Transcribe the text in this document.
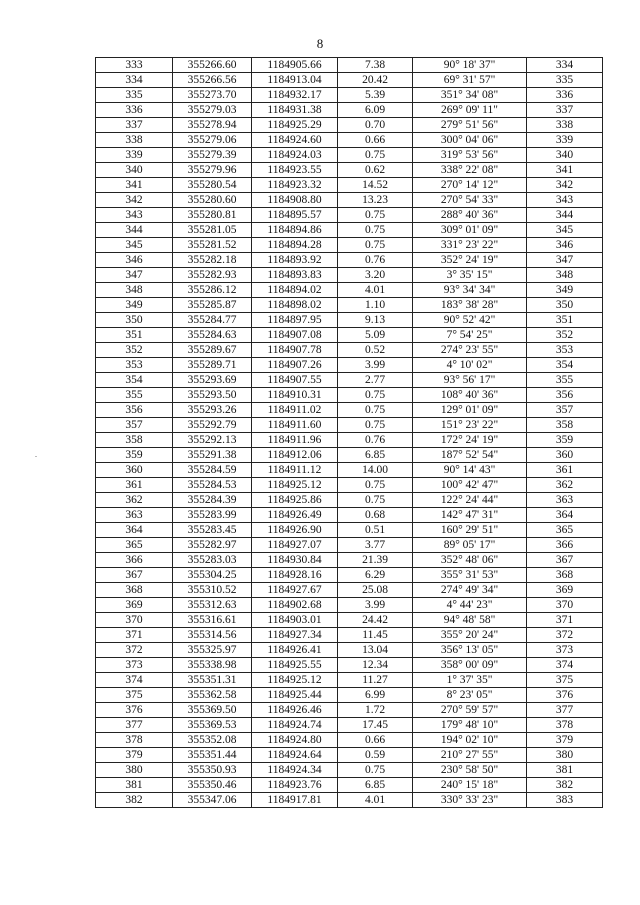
8
333	355266.60	1184905.66	7.38	90° 18' 37"	334
334	355266.56	1184913.04	20.42	69° 31' 57"	335
335	355273.70	1184932.17	5.39	351° 34' 08"	336
336	355279.03	1184931.38	6.09	269° 09' 11"	337
337	355278.94	1184925.29	0.70	279° 51' 56"	338
338	355279.06	1184924.60	0.66	300° 04' 06"	339
339	355279.39	1184924.03	0.75	319° 53' 56"	340
340	355279.96	1184923.55	0.62	338° 22' 08"	341
341	355280.54	1184923.32	14.52	270° 14' 12"	342
342	355280.60	1184908.80	13.23	270° 54' 33"	343
343	355280.81	1184895.57	0.75	288° 40' 36"	344
344	355281.05	1184894.86	0.75	309° 01' 09"	345
345	355281.52	1184894.28	0.75	331° 23' 22"	346
346	355282.18	1184893.92	0.76	352° 24' 19"	347
347	355282.93	1184893.83	3.20	3° 35' 15"	348
348	355286.12	1184894.02	4.01	93° 34' 34"	349
349	355285.87	1184898.02	1.10	183° 38' 28"	350
350	355284.77	1184897.95	9.13	90° 52' 42"	351
351	355284.63	1184907.08	5.09	7° 54' 25"	352
352	355289.67	1184907.78	0.52	274° 23' 55"	353
353	355289.71	1184907.26	3.99	4° 10' 02"	354
354	355293.69	1184907.55	2.77	93° 56' 17"	355
355	355293.50	1184910.31	0.75	108° 40' 36"	356
356	355293.26	1184911.02	0.75	129° 01' 09"	357
357	355292.79	1184911.60	0.75	151° 23' 22"	358
358	355292.13	1184911.96	0.76	172° 24' 19"	359
359	355291.38	1184912.06	6.85	187° 52' 54"	360
360	355284.59	1184911.12	14.00	90° 14' 43"	361
361	355284.53	1184925.12	0.75	100° 42' 47"	362
362	355284.39	1184925.86	0.75	122° 24' 44"	363
363	355283.99	1184926.49	0.68	142° 47' 31"	364
364	355283.45	1184926.90	0.51	160° 29' 51"	365
365	355282.97	1184927.07	3.77	89° 05' 17"	366
366	355283.03	1184930.84	21.39	352° 48' 06"	367
367	355304.25	1184928.16	6.29	355° 31' 53"	368
368	355310.52	1184927.67	25.08	274° 49' 34"	369
369	355312.63	1184902.68	3.99	4° 44' 23"	370
370	355316.61	1184903.01	24.42	94° 48' 58"	371
371	355314.56	1184927.34	11.45	355° 20' 24"	372
372	355325.97	1184926.41	13.04	356° 13' 05"	373
373	355338.98	1184925.55	12.34	358° 00' 09"	374
374	355351.31	1184925.12	11.27	1° 37' 35"	375
375	355362.58	1184925.44	6.99	8° 23' 05"	376
376	355369.50	1184926.46	1.72	270° 59' 57"	377
377	355369.53	1184924.74	17.45	179° 48' 10"	378
378	355352.08	1184924.80	0.66	194° 02' 10"	379
379	355351.44	1184924.64	0.59	210° 27' 55"	380
380	355350.93	1184924.34	0.75	230° 58' 50"	381
381	355350.46	1184923.76	6.85	240° 15' 18"	382
382	355347.06	1184917.81	4.01	330° 33' 23"	383
